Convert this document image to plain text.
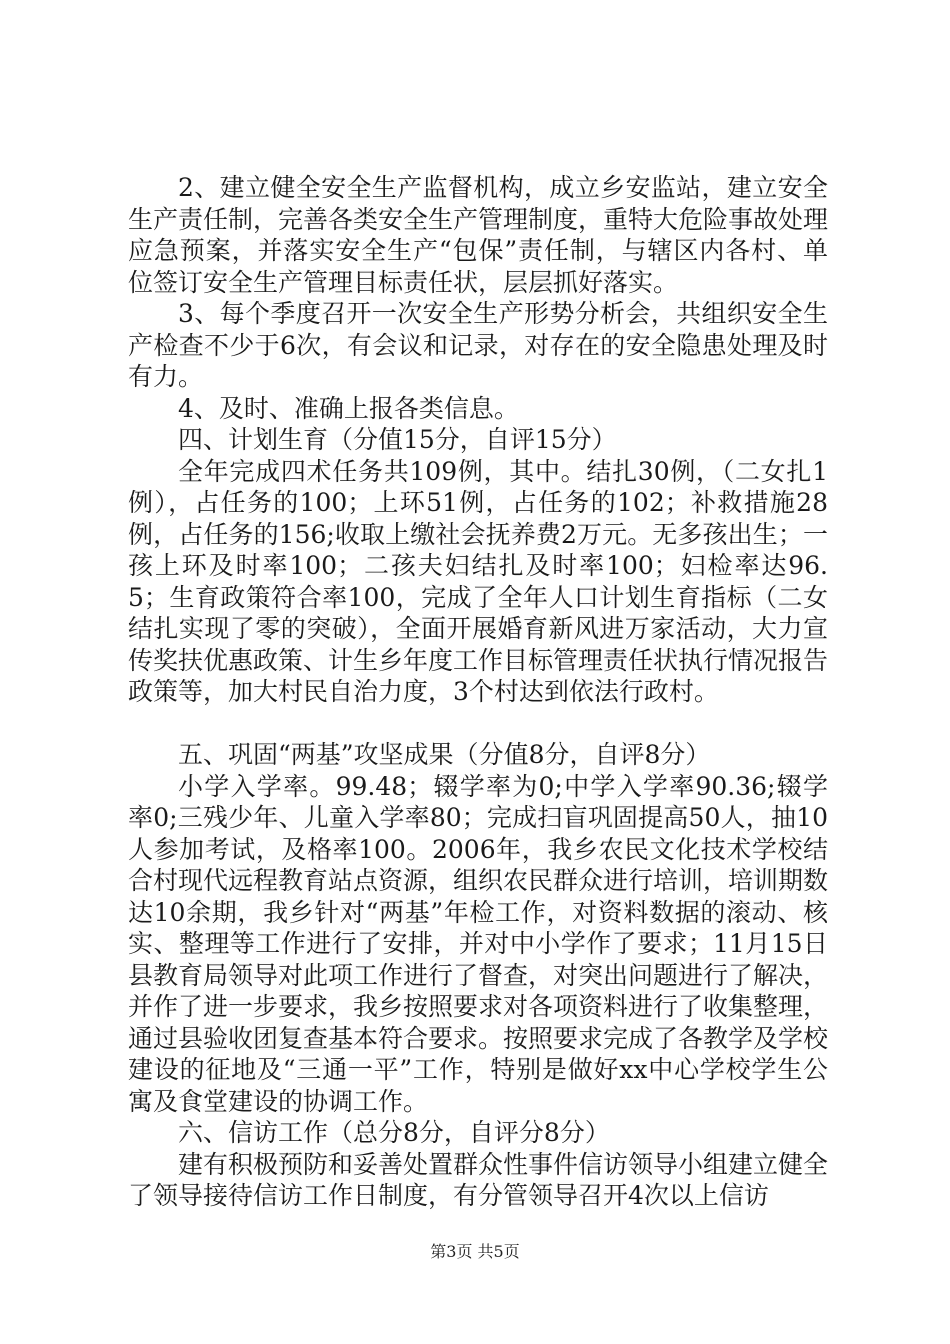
2、建立健全安全生产监督机构，成立乡安监站，建立安全生产责任制，完善各类安全生产管理制度，重特大危险事故处理应急预案，并落实安全生产“包保”责任制，与辖区内各村、单位签订安全生产管理目标责任状，层层抓好落实。

3、每个季度召开一次安全生产形势分析会，共组织安全生产检查不少于6次，有会议和记录，对存在的安全隐患处理及时有力。

4、及时、准确上报各类信息。

四、计划生育（分值15分，自评15分）

全年完成四术任务共109例，其中。结扎30例，（二女扎1例），占任务的100；上环51例，占任务的102；补救措施28例，占任务的156;收取上缴社会抚养费2万元。无多孩出生；一孩上环及时率100；二孩夫妇结扎及时率100；妇检率达96.5；生育政策符合率100，完成了全年人口计划生育指标（二女结扎实现了零的突破），全面开展婚育新风进万家活动，大力宣传奖扶优惠政策、计生乡年度工作目标管理责任状执行情况报告政策等，加大村民自治力度，3个村达到依法行政村。

五、巩固“两基”攻坚成果（分值8分，自评8分）

小学入学率。99.48；辍学率为0;中学入学率90.36;辍学率0;三残少年、儿童入学率80；完成扫盲巩固提高50人，抽10人参加考试，及格率100。2006年，我乡农民文化技术学校结合村现代远程教育站点资源，组织农民群众进行培训，培训期数达10余期，我乡针对“两基”年检工作，对资料数据的滚动、核实、整理等工作进行了安排，并对中小学作了要求；11月15日县教育局领导对此项工作进行了督查，对突出问题进行了解决，并作了进一步要求，我乡按照要求对各项资料进行了收集整理，通过县验收团复查基本符合要求。按照要求完成了各教学及学校建设的征地及“三通一平”工作，特别是做好xx中心学校学生公寓及食堂建设的协调工作。

六、信访工作（总分8分，自评分8分）

建有积极预防和妥善处置群众性事件信访领导小组建立健全了领导接待信访工作日制度，有分管领导召开4次以上信访

第3页 共5页
